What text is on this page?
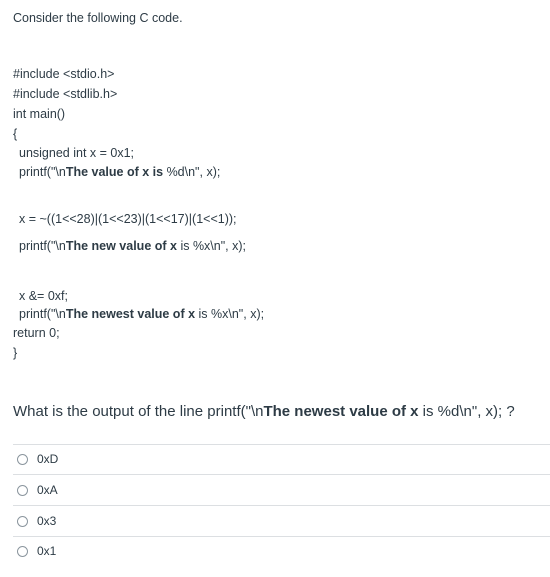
Consider the following C code.
#include <stdio.h>
#include <stdlib.h>
int main()
{
unsigned int x = 0x1;
printf("\nThe value of x is %d\n", x);
x = ~((1<<28)|(1<<23)|(1<<17)|(1<<1));
printf("\nThe new value of x is %x\n", x);
x &= 0xf;
printf("\nThe newest value of x is %x\n", x);
return 0;
}
What is the output of the line printf("\nThe newest value of x is %d\n", x); ?
0xD
0xA
0x3
0x1
